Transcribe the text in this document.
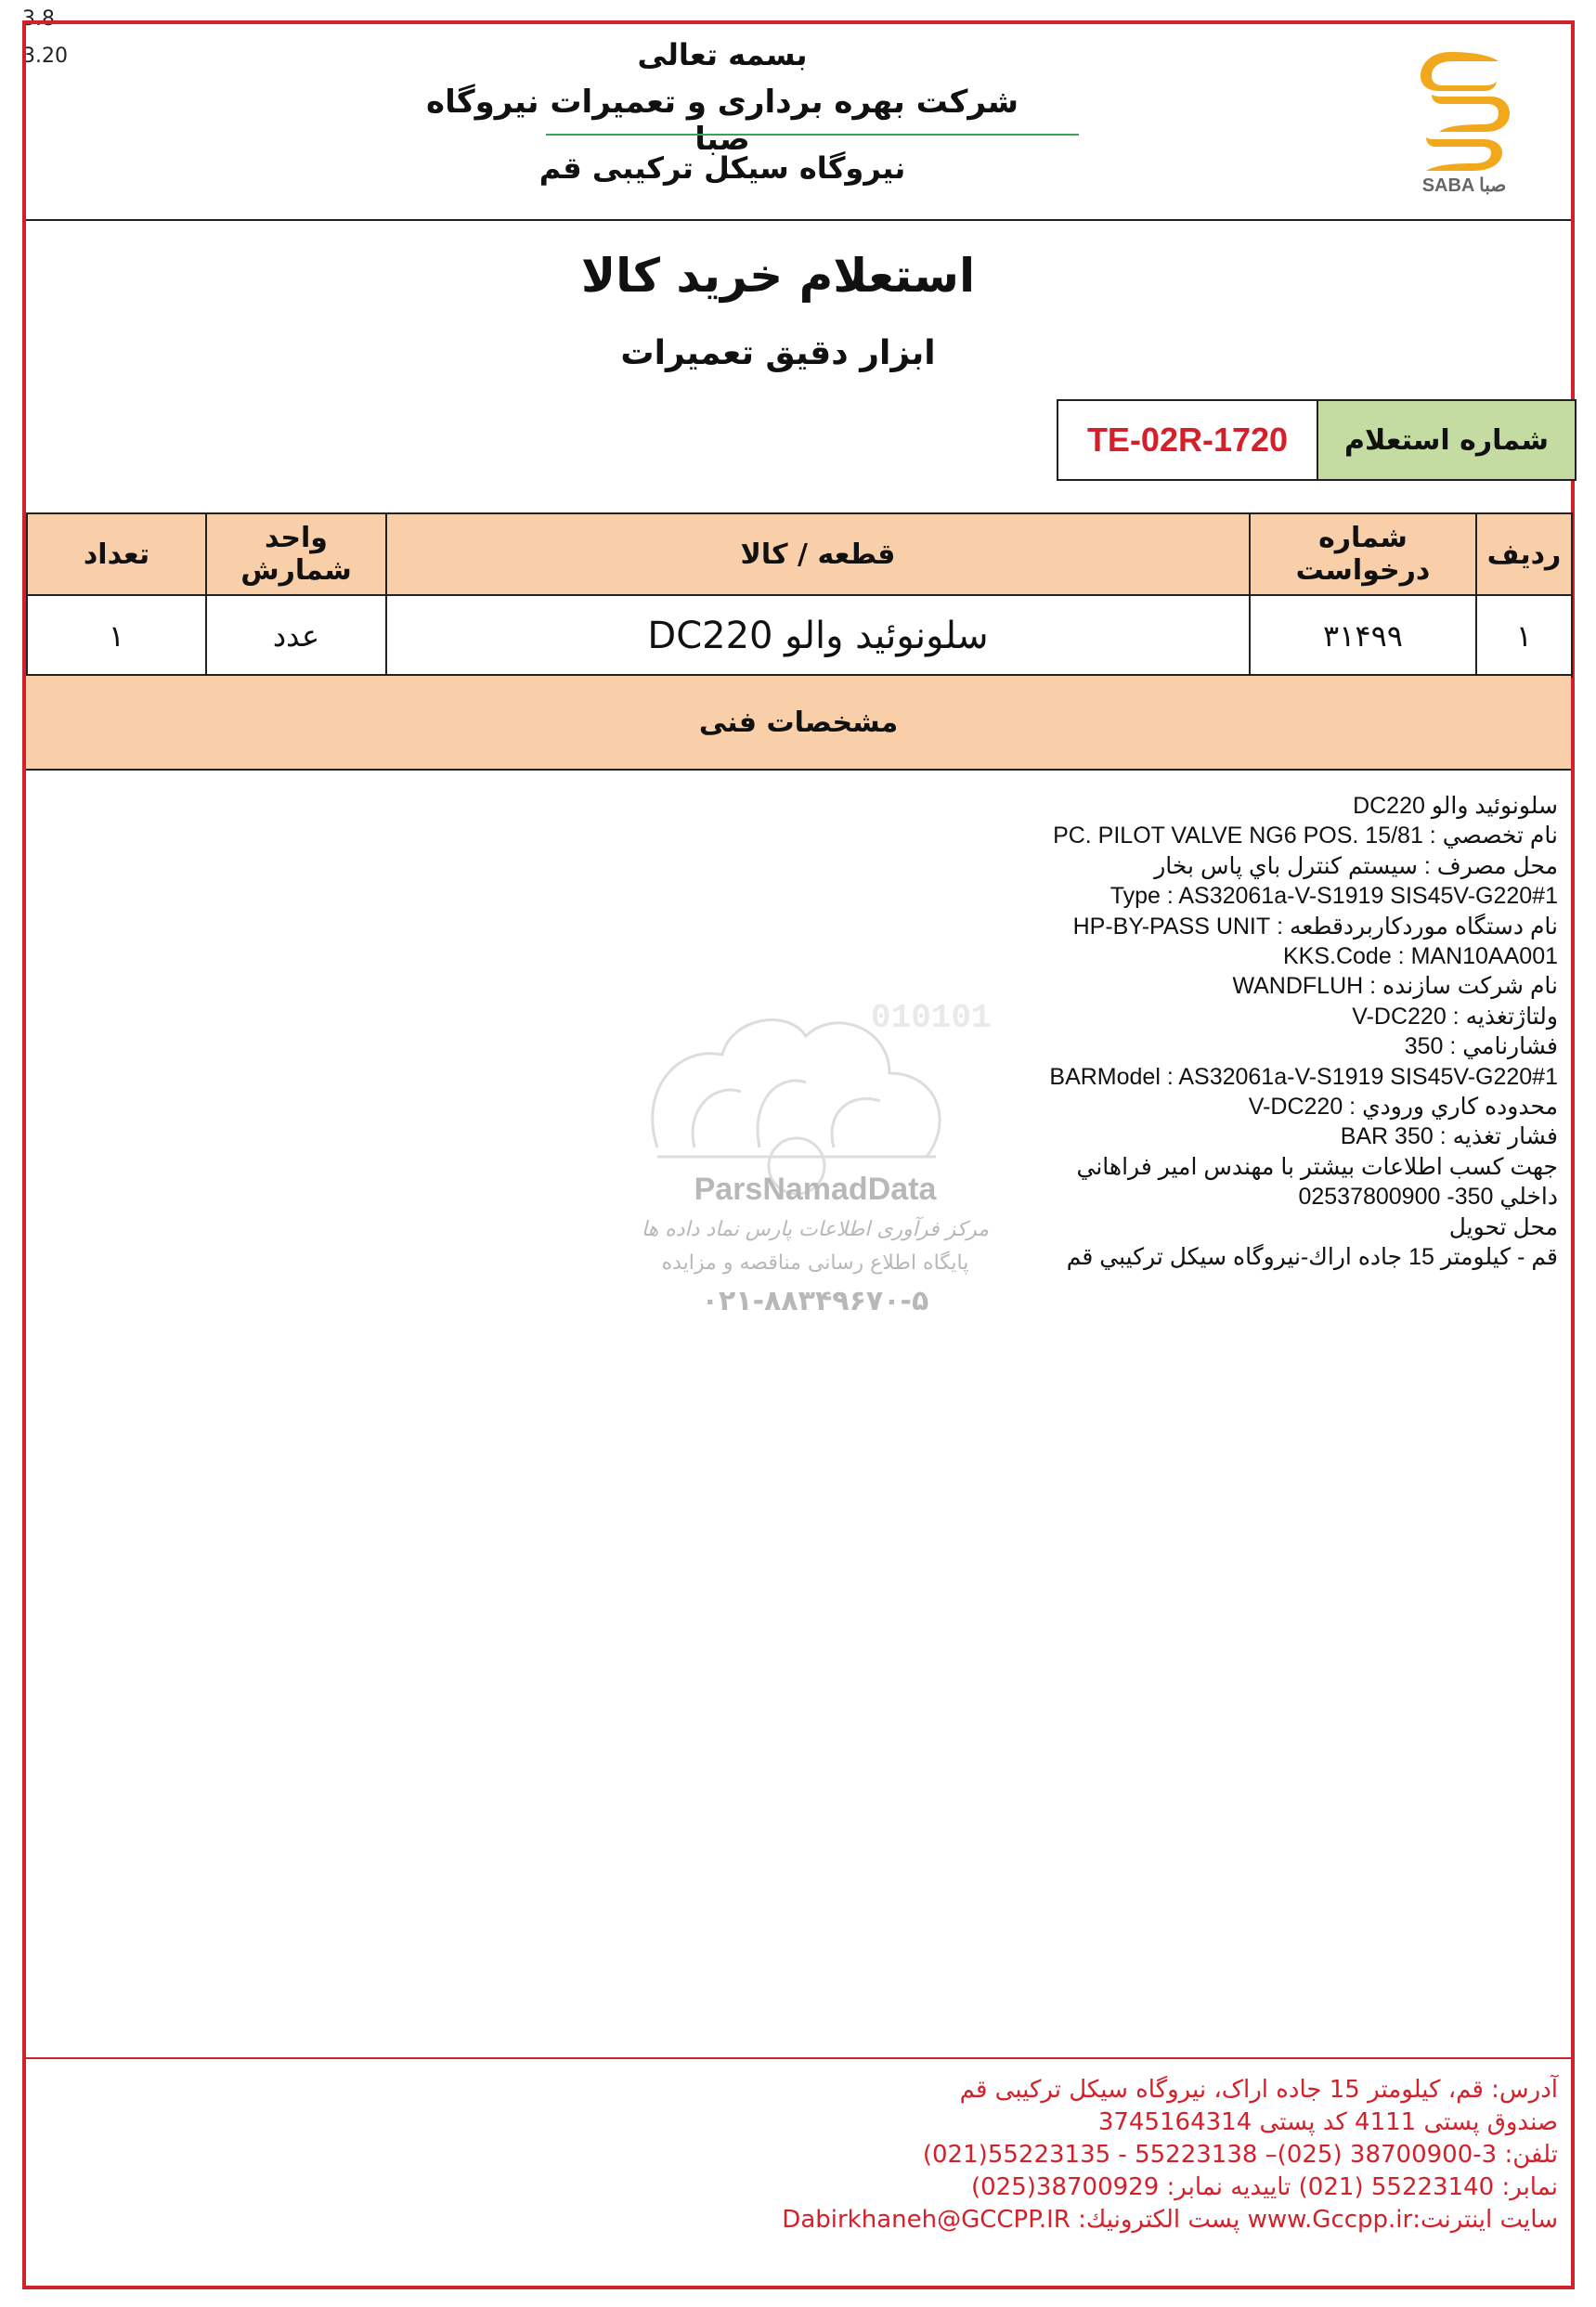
3.8
3.20	بسمه تعالی
شرکت بهره برداری و تعمیرات نیروگاه صبا
نیروگاه سیکل ترکیبی قم	SABA صبا
استعلام خرید کالا
ابزار دقیق تعمیرات
TE-02R-1720	شماره استعلام
ردیف	شماره درخواست	قطعه / کالا	واحد شمارش	تعداد
۱	۳۱۴۹۹	سلونوئید والو DC220	عدد	۱
مشخصات فنی
010101
ParsNamadData
مرکز فرآوری اطلاعات پارس نماد داده ها
پایگاه اطلاع رسانی مناقصه و مزایده
۰۲۱-۸۸۳۴۹۶۷۰-۵
سلونوئيد والو DC220
نام تخصصي : PC. PILOT VALVE NG6 POS. 15/81
محل مصرف : سيستم كنترل باي پاس بخار
Type : AS32061a-V-S1919 SIS45V-G220#1
نام دستگاه موردکاربردقطعه : HP-BY-PASS UNIT
KKS.Code : MAN10AA001
نام شرکت سازنده : WANDFLUH
ولتاژتغذيه : V-DC220
فشارنامي : 350
BARModel : AS32061a-V-S1919 SIS45V-G220#1
محدوده كاري ورودي : V-DC220
فشار تغذيه : BAR 350
جهت كسب اطلاعات بيشتر با مهندس امير فراهاني
داخلي 350- 02537800900
محل تحويل
قم - كيلومتر 15 جاده اراك-نيروگاه سيكل تركيبي قم
آدرس: قم، کیلومتر 15 جاده اراک، نیروگاه سیکل ترکیبی قم
صندوق پستی 4111 کد پستی 3745164314
تلفن: 3-38700900 (025)– 55223138 - 55223135(021)
نمابر: 55223140 (021) تاییدیه نمابر: 38700929(025)
سایت اینترنت:www.Gccpp.ir پست الکترونیك: Dabirkhaneh@GCCPP.IR
